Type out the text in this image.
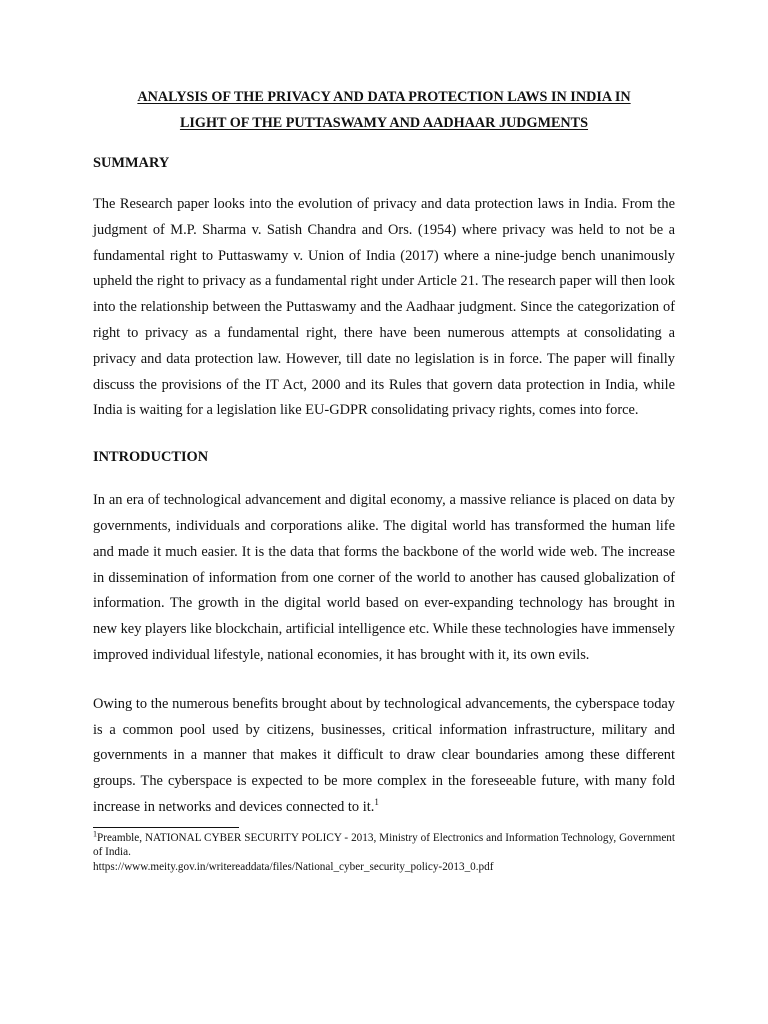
ANALYSIS OF THE PRIVACY AND DATA PROTECTION LAWS IN INDIA IN
LIGHT OF THE PUTTASWAMY AND AADHAAR JUDGMENTS
SUMMARY

The Research paper looks into the evolution of privacy and data protection laws in India. From the judgment of M.P. Sharma v. Satish Chandra and Ors. (1954) where privacy was held to not be a fundamental right to Puttaswamy v. Union of India (2017) where a nine-judge bench unanimously upheld the right to privacy as a fundamental right under Article 21. The research paper will then look into the relationship between the Puttaswamy and the Aadhaar judgment. Since the categorization of right to privacy as a fundamental right, there have been numerous attempts at consolidating a privacy and data protection law. However, till date no legislation is in force. The paper will finally discuss the provisions of the IT Act, 2000 and its Rules that govern data protection in India, while India is waiting for a legislation like EU-GDPR consolidating privacy rights, comes into force.

INTRODUCTION

In an era of technological advancement and digital economy, a massive reliance is placed on data by governments, individuals and corporations alike. The digital world has transformed the human life and made it much easier. It is the data that forms the backbone of the world wide web. The increase in dissemination of information from one corner of the world to another has caused globalization of information. The growth in the digital world based on ever-expanding technology has brought in new key players like blockchain, artificial intelligence etc. While these technologies have immensely improved individual lifestyle, national economies, it has brought with it, its own evils.

Owing to the numerous benefits brought about by technological advancements, the cyberspace today is a common pool used by citizens, businesses, critical information infrastructure, military and governments in a manner that makes it difficult to draw clear boundaries among these different groups. The cyberspace is expected to be more complex in the foreseeable future, with many fold increase in networks and devices connected to it.$^1$

$^1$Preamble, NATIONAL CYBER SECURITY POLICY - 2013, Ministry of Electronics and Information Technology, Government of India.

https://www.meity.gov.in/writereaddata/files/National_cyber_security_policy-2013_0.pdf
